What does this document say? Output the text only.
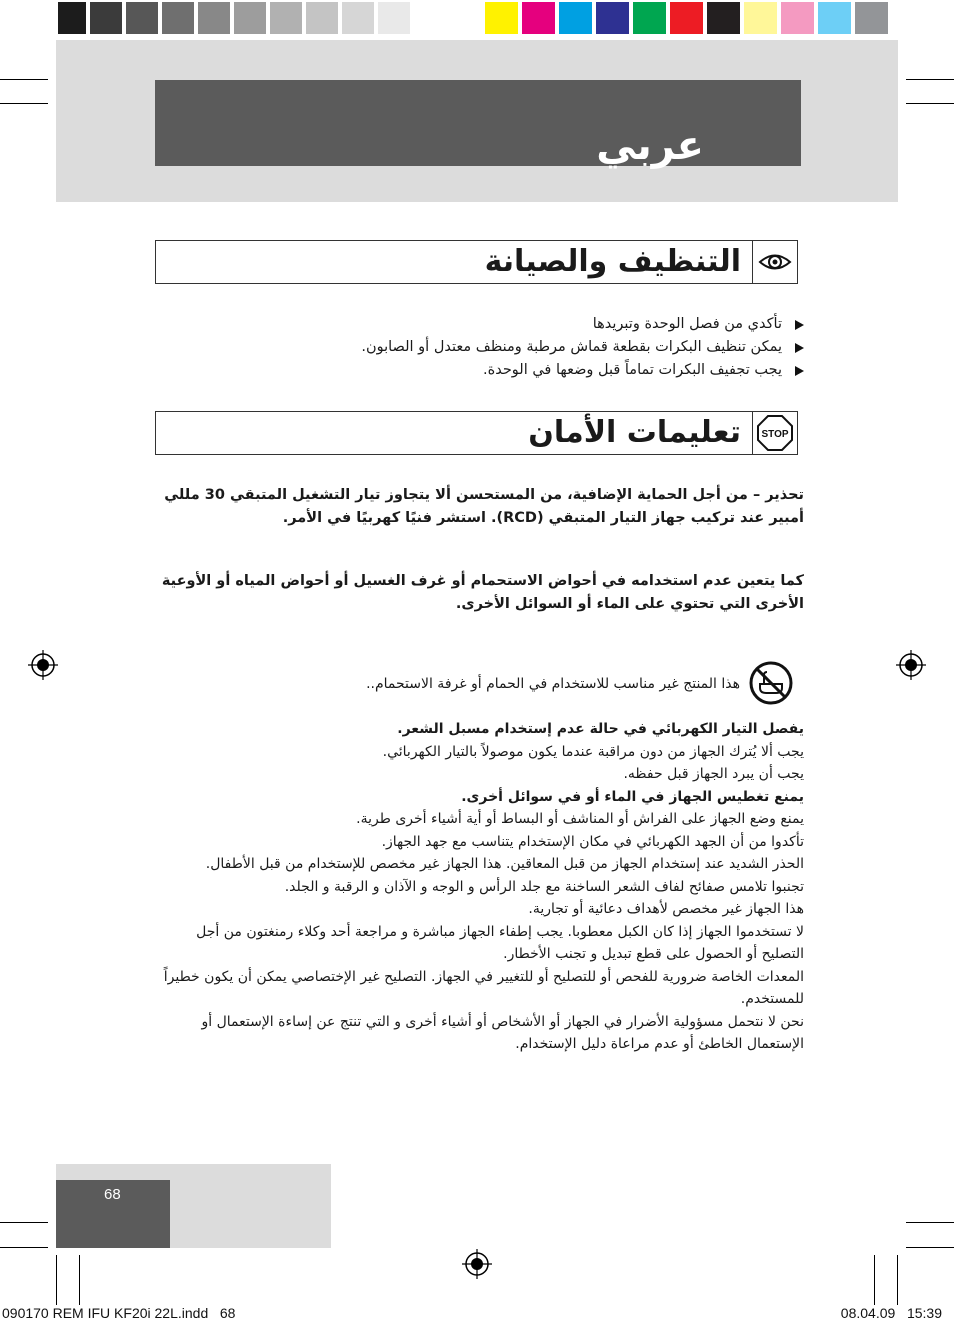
عربي
التنظيف والصيانة
تأكدي من فصل الوحدة وتبريدها
يمكن تنظيف البكرات بقطعة قماش مرطبة ومنظف معتدل أو الصابون.
يجب تجفيف البكرات تماماً قبل وضعها في الوحدة.
STOP
تعليمات الأمان
تحذير – من أجل الحماية الإضافية، من المستحسن ألا يتجاوز تيار التشغيل المتبقي 30 مللي أمبير عند تركيب جهاز التيار المتبقي (RCD). استشر فنيًا كهربيًا في الأمر.
كما يتعين عدم استخدامه في أحواض الاستحمام أو غرف الغسيل أو أحواض المياه أو الأوعية الأخرى التي تحتوي على الماء أو السوائل الأخرى.
هذا المنتج غير مناسب للاستخدام في الحمام أو غرفة الاستحمام..
يفصل التيار الكهربائي في حالة عدم إستخدام مسبل الشعر.
يجب ألا يُترك الجهاز من دون مراقبة عندما يكون موصولاً بالتيار الكهربائي.
يجب أن يبرد الجهاز قبل حفظه.
يمنع تغطيس الجهاز في الماء أو في سوائل أخرى.
يمنع وضع الجهاز على الفراش أو المناشف أو البساط أو أية أشياء أخرى طرية.
تأكدوا من أن الجهد الكهربائي في مكان الإستخدام يتناسب مع جهد الجهاز.
الحذر الشديد عند إستخدام الجهاز من قبل المعاقين. هذا الجهاز غير مخصص للإستخدام من قبل الأطفال.
تجنبوا تلامس صفائح لفاف الشعر الساخنة مع جلد الرأس و الوجه و الآذان و الرقبة و الجلد.
هذا الجهاز غير مخصص لأهداف دعائية أو تجارية.
لا تستخدموا الجهاز إذا كان الكبل معطوبا. يجب إطفاء الجهاز مباشرة و مراجعة أحد وكلاء رمنغتون من أجل التصليح أو الحصول على قطع تبديل و تجنب الأخطار.
المعدات الخاصة ضرورية للفحص أو للتصليح أو للتغيير في الجهاز. التصليح غير الإختصاصي يمكن أن يكون خطيراً للمستخدم.
نحن لا نتحمل مسؤولية الأضرار في الجهاز أو الأشخاص أو أشياء أخرى و التي تنتج عن إساءة الإستعمال أو الإستعمال الخاطئ أو عدم مراعاة دليل الإستخدام.
68
090170 REM IFU KF20i 22L.indd   68	08.04.09   15:39
